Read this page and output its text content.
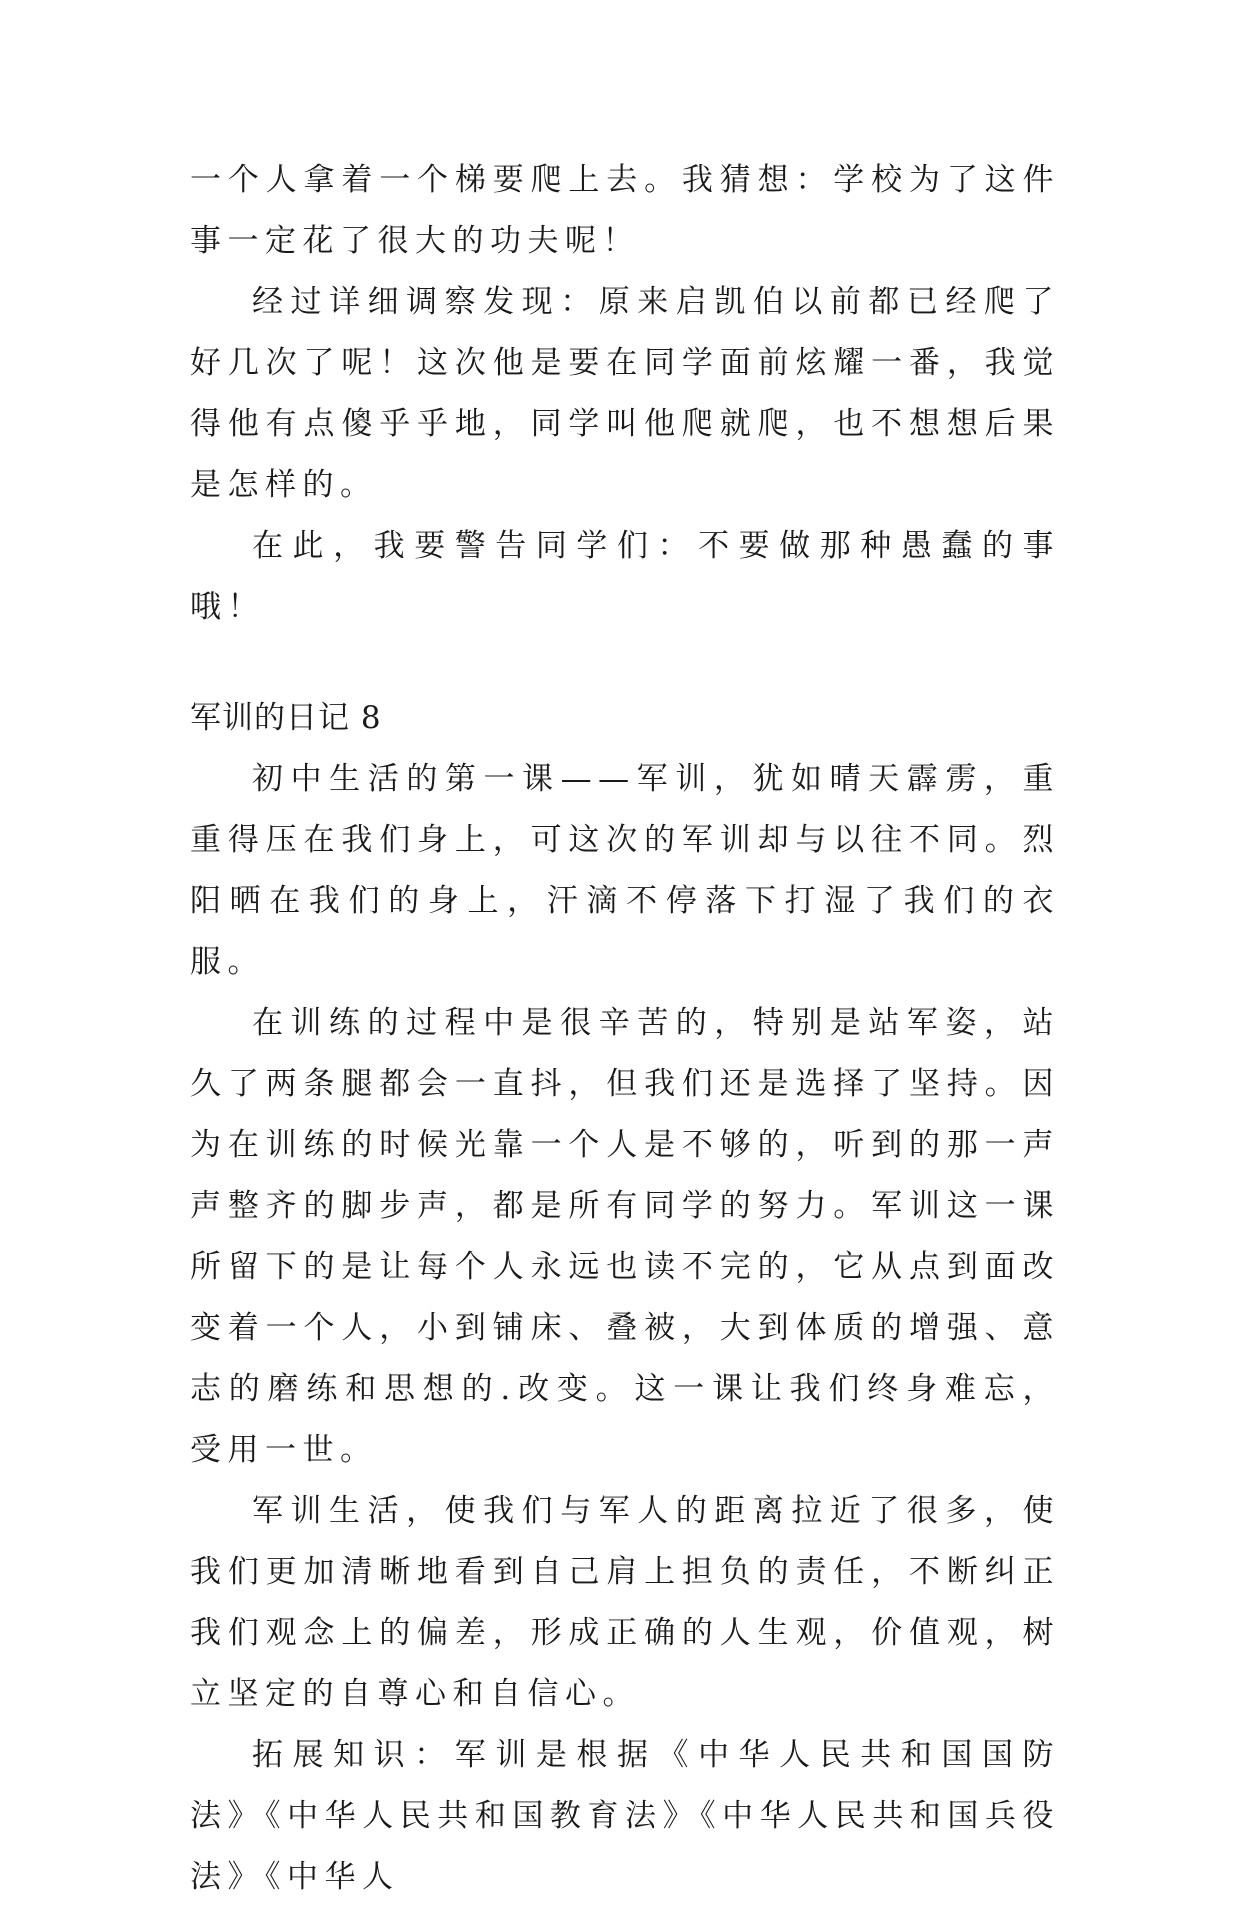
一个人拿着一个梯要爬上去。我猜想：学校为了这件事一定花了很大的功夫呢！

经过详细调察发现：原来启凯伯以前都已经爬了好几次了呢！这次他是要在同学面前炫耀一番，我觉得他有点傻乎乎地，同学叫他爬就爬，也不想想后果是怎样的。

在此，我要警告同学们：不要做那种愚蠢的事哦！

军训的日记 8

初中生活的第一课——军训，犹如晴天霹雳，重重得压在我们身上，可这次的军训却与以往不同。烈阳晒在我们的身上，汗滴不停落下打湿了我们的衣服。

在训练的过程中是很辛苦的，特别是站军姿，站久了两条腿都会一直抖，但我们还是选择了坚持。因为在训练的时候光靠一个人是不够的，听到的那一声声整齐的脚步声，都是所有同学的努力。军训这一课所留下的是让每个人永远也读不完的，它从点到面改变着一个人，小到铺床、叠被，大到体质的增强、意志的磨练和思想的.改变。这一课让我们终身难忘，受用一世。

军训生活，使我们与军人的距离拉近了很多，使我们更加清晰地看到自己肩上担负的责任，不断纠正我们观念上的偏差，形成正确的人生观，价值观，树立坚定的自尊心和自信心。

拓展知识：军训是根据《中华人民共和国国防法》《中华人民共和国教育法》《中华人民共和国兵役法》《中华人
